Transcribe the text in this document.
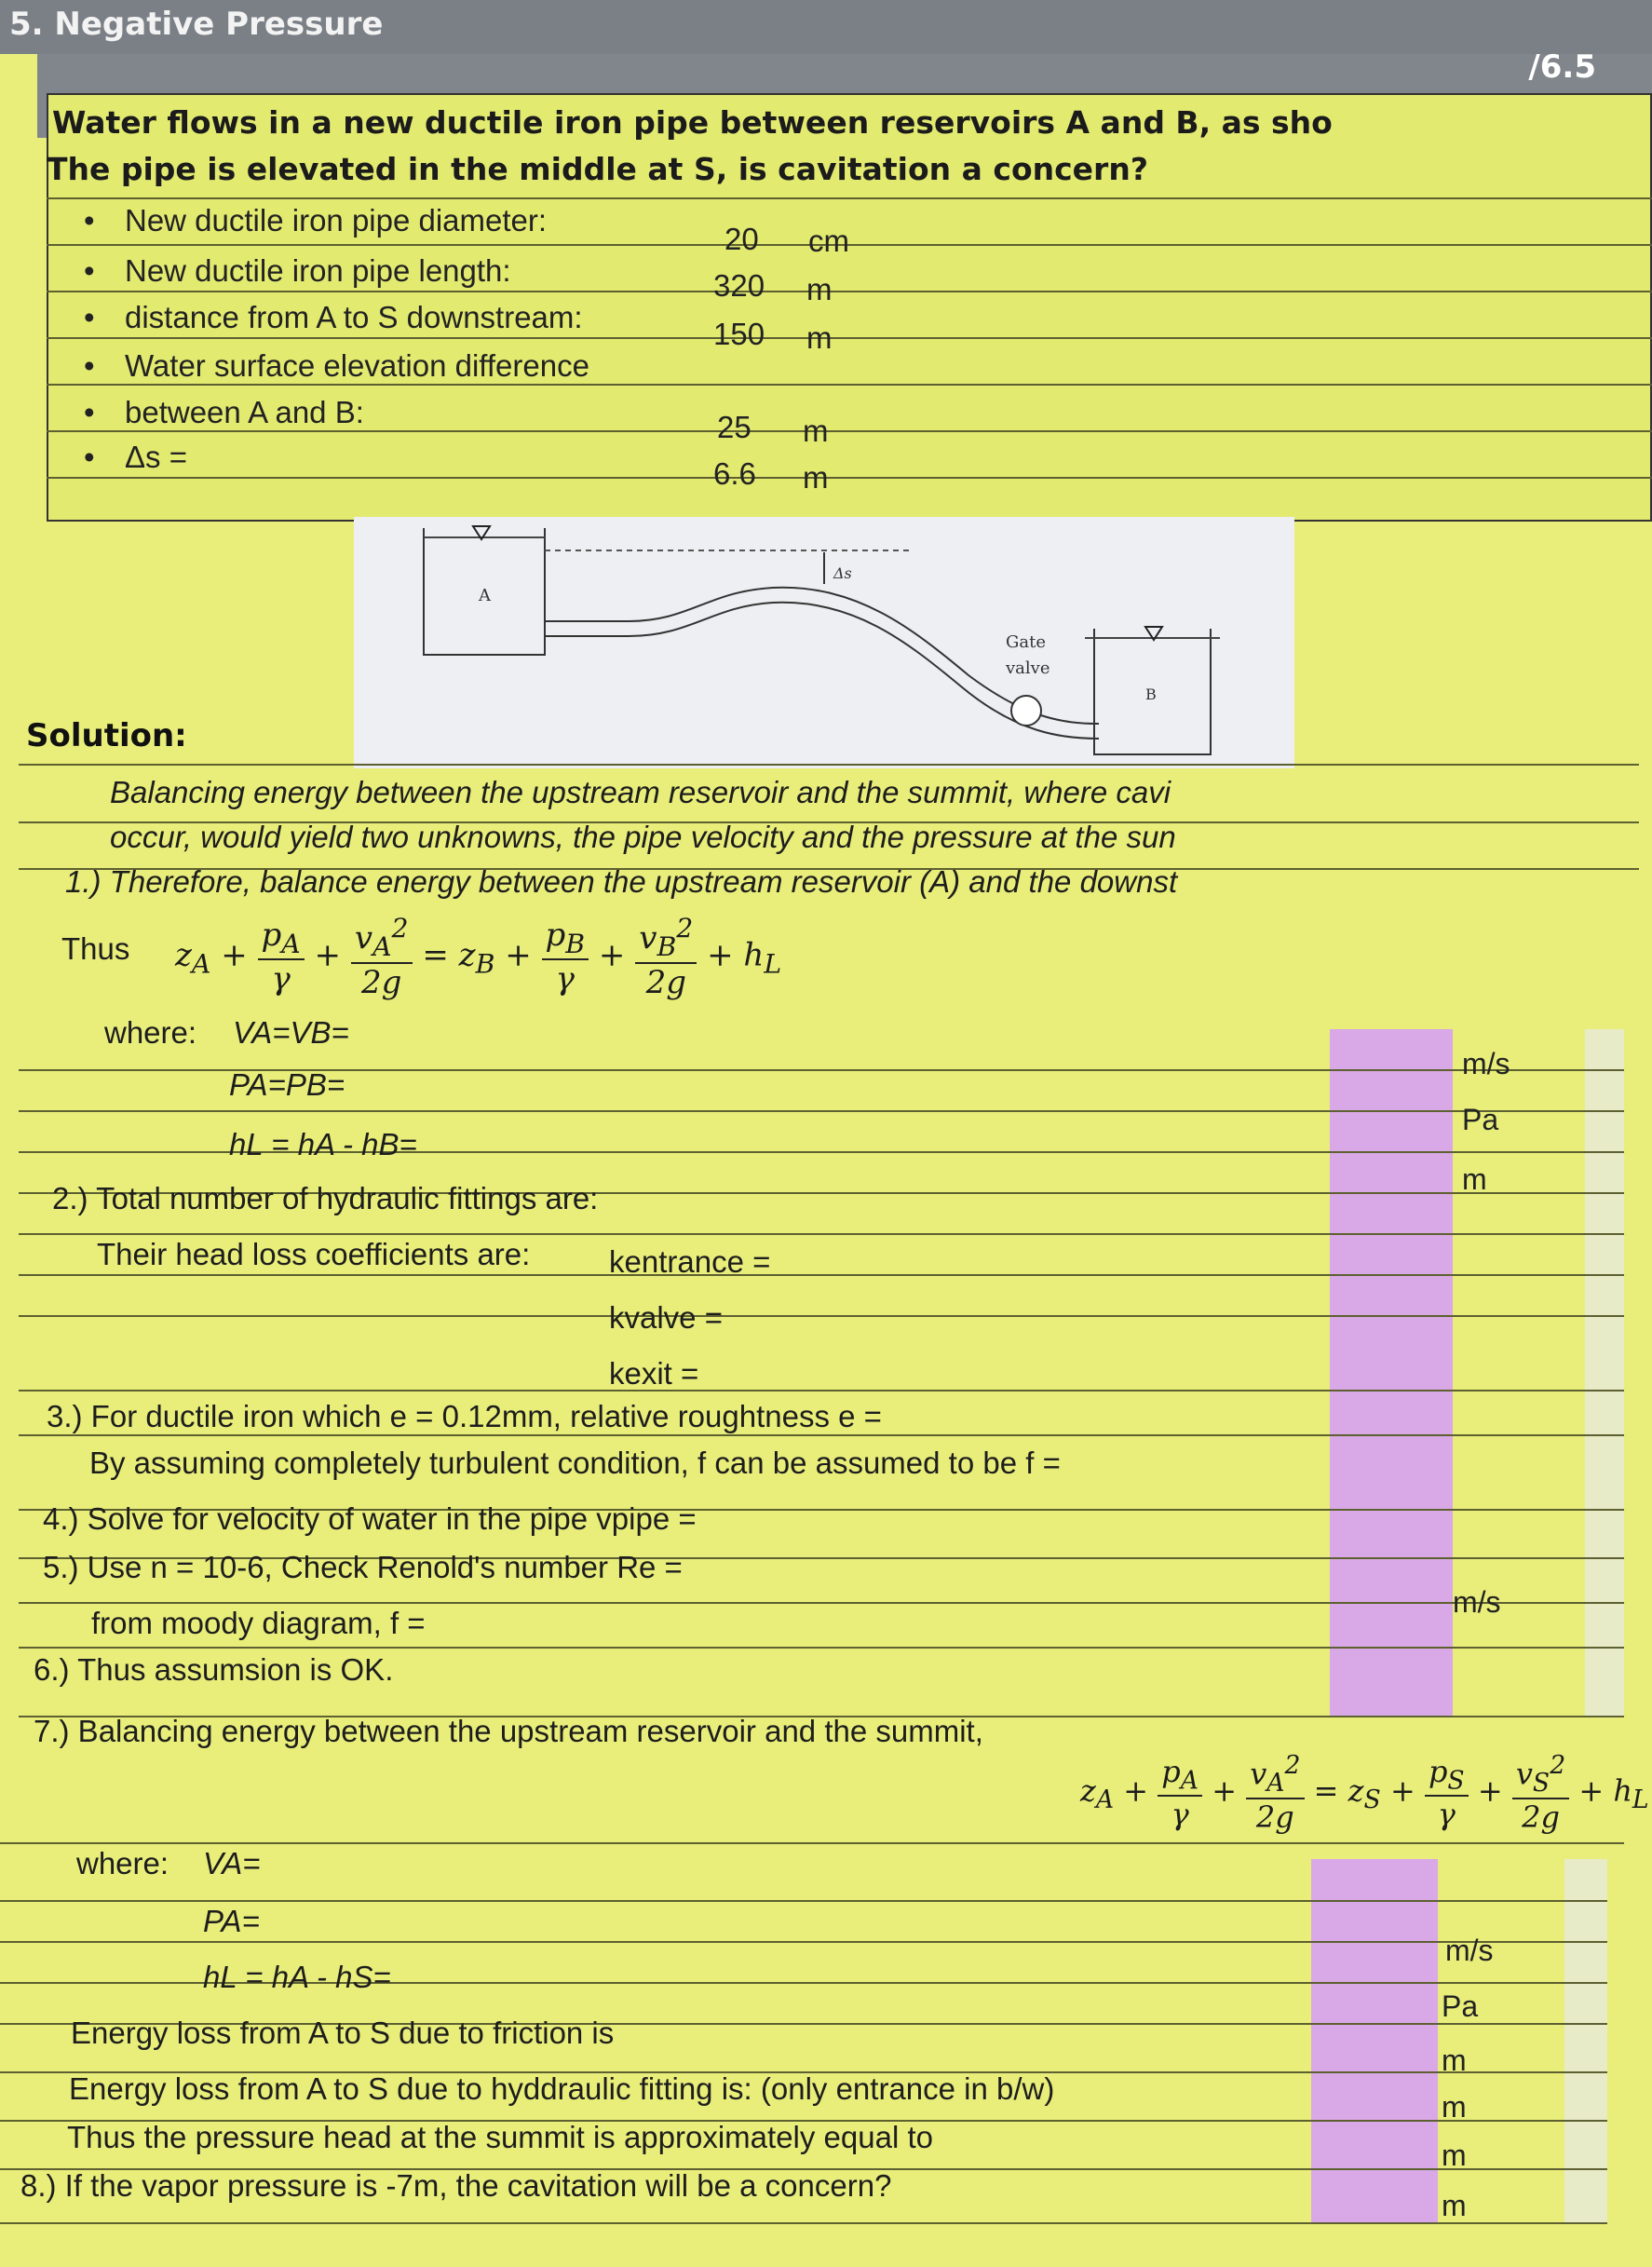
5. Negative Pressure
/6.5
Water flows in a new ductile iron pipe between reservoirs A and B, as sho
The pipe is elevated in the middle at S, is cavitation a concern?
• New ductile iron pipe diameter:
20 cm
• New ductile iron pipe length:	320 m
• distance from A to S downstream:	150 m
• Water surface elevation difference
• between A and B:	25 m
• Δs =	6.6 m
A
Δs
Gate
valve
B
Solution:
Balancing energy between the upstream reservoir and the summit, where cavi
occur, would yield two unknowns, the pipe velocity and the pressure at the sun
1.) Therefore, balance energy between the upstream reservoir (A) and the downst
Thus $z_A + \frac{p_A}{\gamma} + \frac{v_A^2}{2g} = z_B + \frac{p_B}{\gamma} + \frac{v_B^2}{2g} + h_L$
where: VA=VB=
m/s
PA=PB=
Pa
hL = hA - hB=
m
2.) Total number of hydraulic fittings are:
Their head loss coefficients are:	kentrance =
kvalve =
kexit =
3.) For ductile iron which e = 0.12mm, relative roughtness e =
By assuming completely turbulent condition, f can be assumed to be f =
4.) Solve for velocity of water in the pipe vpipe =
5.) Use n = 10-6, Check Renold's number Re =
m/s
from moody diagram, f =
6.) Thus assumsion is OK.
7.) Balancing energy between the upstream reservoir and the summit,
$z_A + \frac{p_A}{\gamma} + \frac{v_A^2}{2g} = z_S + \frac{p_S}{\gamma} + \frac{v_S^2}{2g} + h_L$
where: VA=
PA=
m/s
hL = hA - hS=
Pa
Energy loss from A to S due to friction is
m
Energy loss from A to S due to hyddraulic fitting is: (only entrance in b/w)
m
Thus the pressure head at the summit is approximately equal to
m
8.) If the vapor pressure is -7m, the cavitation will be a concern?
m
